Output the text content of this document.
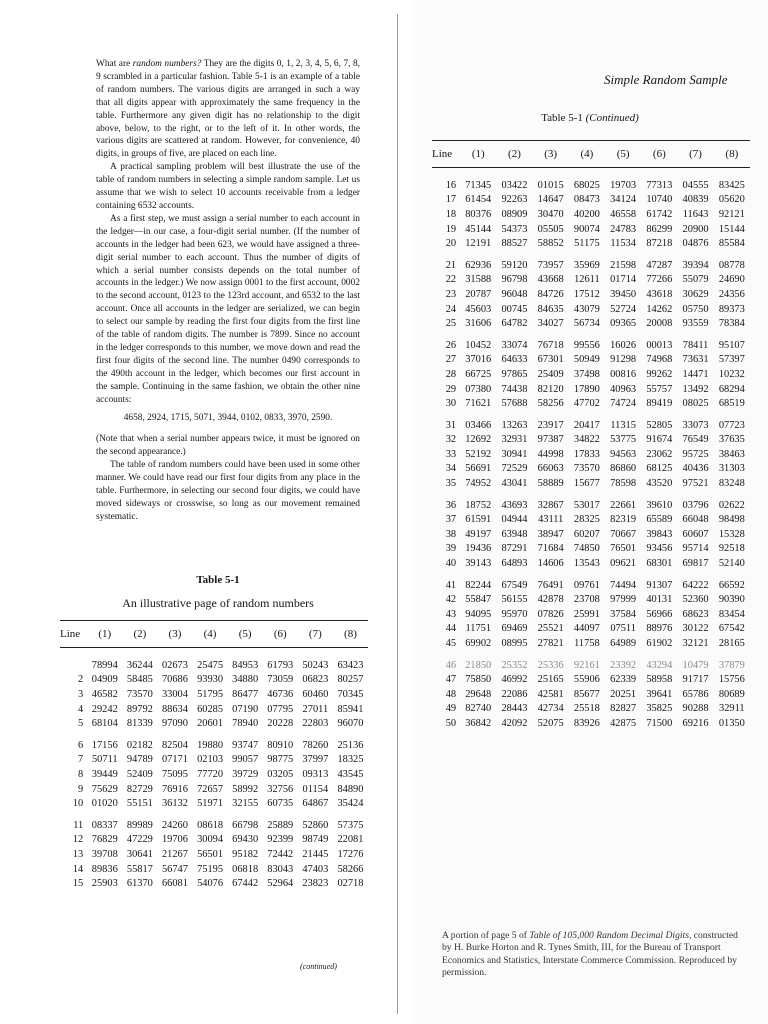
What are random numbers? They are the digits 0, 1, 2, 3, 4, 5, 6, 7, 8, 9 scrambled in a particular fashion. Table 5-1 is an example of a table of random numbers. The various digits are arranged in such a way that all digits appear with approximately the same frequency in the table. Furthermore any given digit has no relationship to the digit above, below, to the right, or to the left of it. In other words, the various digits are scattered at random. However, for convenience, 40 digits, in groups of five, are placed on each line.

A practical sampling problem will best illustrate the use of the table of random numbers in selecting a simple random sample. Let us assume that we wish to select 10 accounts receivable from a ledger containing 6532 accounts.

As a first step, we must assign a serial number to each account in the ledger—in our case, a four-digit serial number. (If the number of accounts in the ledger had been 623, we would have assigned a three-digit serial number to each account. Thus the number of digits of which a serial number consists depends on the total number of accounts in the ledger.) We now assign 0001 to the first account, 0002 to the second account, 0123 to the 123rd account, and 6532 to the last account. Once all accounts in the ledger are serialized, we can begin to select our sample by reading the first four digits from the first line of the table of random digits. The number is 7899. Since no account in the ledger corresponds to this number, we move down and read the first four digits of the second line. The number 0490 corresponds to the 490th account in the ledger, which becomes our first account in the sample. Continuing in the same fashion, we obtain the other nine accounts:

4658, 2924, 1715, 5071, 3944, 0102, 0833, 3970, 2590.

(Note that when a serial number appears twice, it must be ignored on the second appearance.)

The table of random numbers could have been used in some other manner. We could have read our first four digits from any place in the table. Furthermore, in selecting our second four digits, we could have moved sideways or crosswise, so long as our movement remained systematic.

Table 5-1
An illustrative page of random numbers
Line	(1)	(2)	(3)	(4)	(5)	(6)	(7)	(8)
	78994	36244	02673	25475	84953	61793	50243	63423
2	04909	58485	70686	93930	34880	73059	06823	80257
3	46582	73570	33004	51795	86477	46736	60460	70345
4	29242	89792	88634	60285	07190	07795	27011	85941
5	68104	81339	97090	20601	78940	20228	22803	96070
6	17156	02182	82504	19880	93747	80910	78260	25136
7	50711	94789	07171	02103	99057	98775	37997	18325
8	39449	52409	75095	77720	39729	03205	09313	43545
9	75629	82729	76916	72657	58992	32756	01154	84890
10	01020	55151	36132	51971	32155	60735	64867	35424
11	08337	89989	24260	08618	66798	25889	52860	57375
12	76829	47229	19706	30094	69430	92399	98749	22081
13	39708	30641	21267	56501	95182	72442	21445	17276
14	89836	55817	56747	75195	06818	83043	47403	58266
15	25903	61370	66081	54076	67442	52964	23823	02718
(continued)
Simple Random Sample
Table 5-1 (Continued)
Line	(1)	(2)	(3)	(4)	(5)	(6)	(7)	(8)
16	71345	03422	01015	68025	19703	77313	04555	83425
17	61454	92263	14647	08473	34124	10740	40839	05620
18	80376	08909	30470	40200	46558	61742	11643	92121
19	45144	54373	05505	90074	24783	86299	20900	15144
20	12191	88527	58852	51175	11534	87218	04876	85584
21	62936	59120	73957	35969	21598	47287	39394	08778
22	31588	96798	43668	12611	01714	77266	55079	24690
23	20787	96048	84726	17512	39450	43618	30629	24356
24	45603	00745	84635	43079	52724	14262	05750	89373
25	31606	64782	34027	56734	09365	20008	93559	78384
26	10452	33074	76718	99556	16026	00013	78411	95107
27	37016	64633	67301	50949	91298	74968	73631	57397
28	66725	97865	25409	37498	00816	99262	14471	10232
29	07380	74438	82120	17890	40963	55757	13492	68294
30	71621	57688	58256	47702	74724	89419	08025	68519
31	03466	13263	23917	20417	11315	52805	33073	07723
32	12692	32931	97387	34822	53775	91674	76549	37635
33	52192	30941	44998	17833	94563	23062	95725	38463
34	56691	72529	66063	73570	86860	68125	40436	31303
35	74952	43041	58889	15677	78598	43520	97521	83248
36	18752	43693	32867	53017	22661	39610	03796	02622
37	61591	04944	43111	28325	82319	65589	66048	98498
38	49197	63948	38947	60207	70667	39843	60607	15328
39	19436	87291	71684	74850	76501	93456	95714	92518
40	39143	64893	14606	13543	09621	68301	69817	52140
41	82244	67549	76491	09761	74494	91307	64222	66592
42	55847	56155	42878	23708	97999	40131	52360	90390
43	94095	95970	07826	25991	37584	56966	68623	83454
44	11751	69469	25521	44097	07511	88976	30122	67542
45	69902	08995	27821	11758	64989	61902	32121	28165
46	21850	25352	25336	92161	23392	43294	10479	37879
47	75850	46992	25165	55906	62339	58958	91717	15756
48	29648	22086	42581	85677	20251	39641	65786	80689
49	82740	28443	42734	25518	82827	35825	90288	32911
50	36842	42092	52075	83926	42875	71500	69216	01350
A portion of page 5 of Table of 105,000 Random Decimal Digits, constructed by H. Burke Horton and R. Tynes Smith, III, for the Bureau of Transport Economics and Statistics, Interstate Commerce Commission. Reproduced by permission.
